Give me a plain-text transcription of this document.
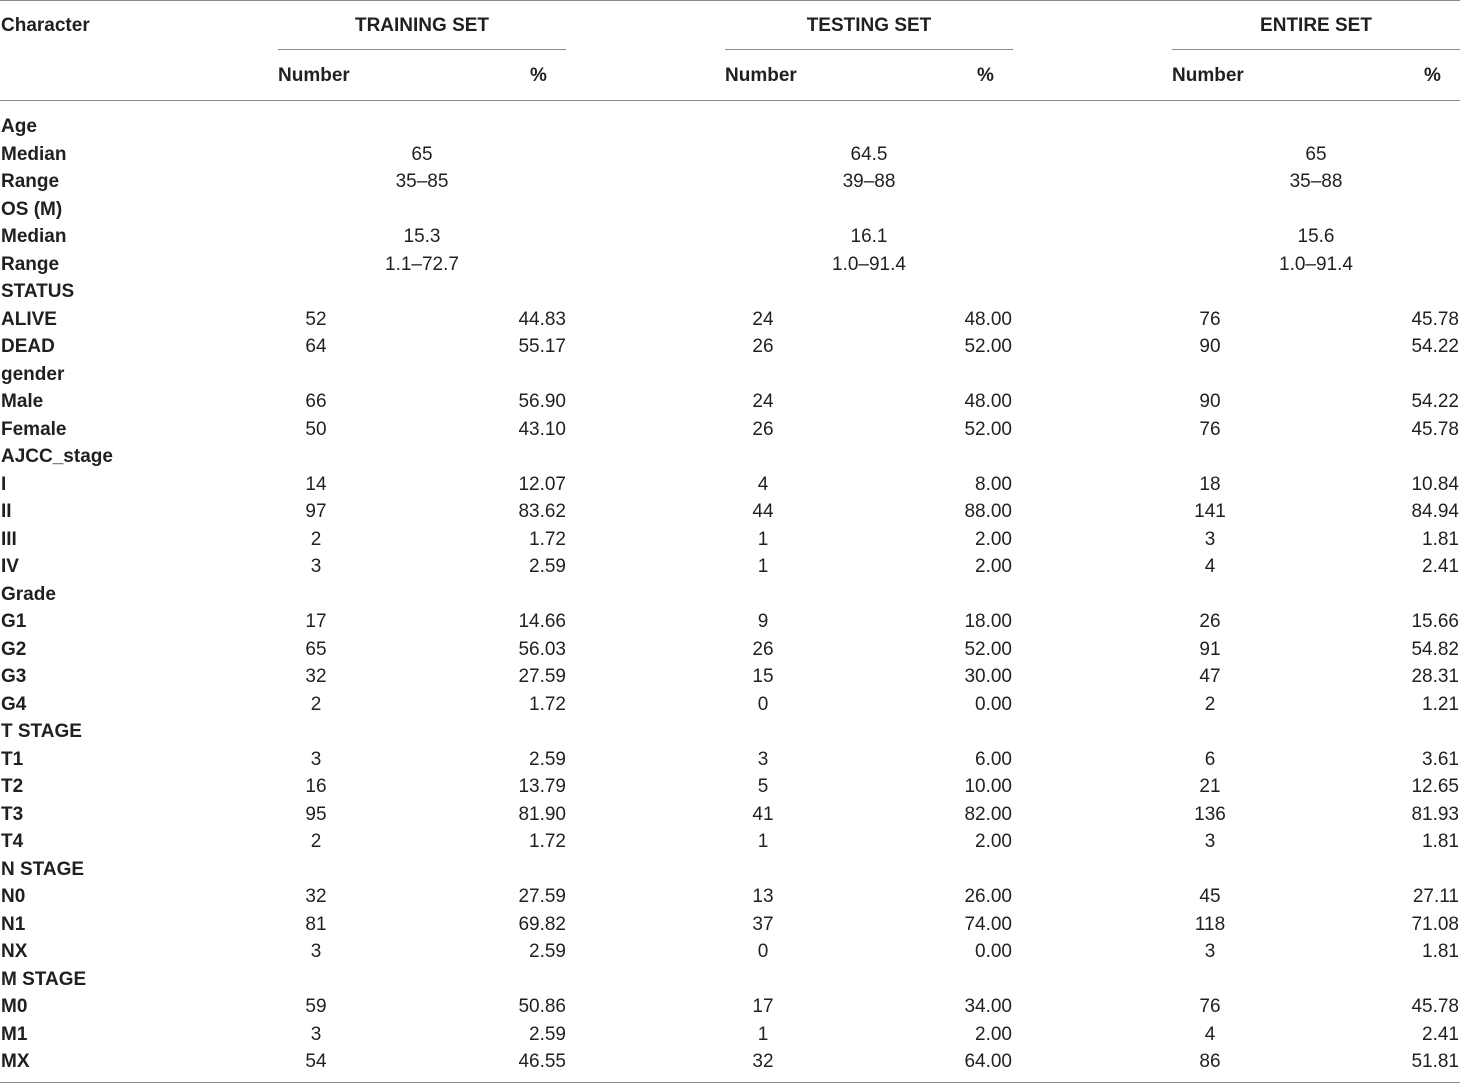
Character	TRAINING SET	TESTING SET	ENTIRE SET
Number	%	Number	%	Number	%
Age
Median	65	64.5	65
Range	35–85	39–88	35–88
OS (M)
Median	15.3	16.1	15.6
Range	1.1–72.7	1.0–91.4	1.0–91.4
STATUS
ALIVE	52	44.83	24	48.00	76	45.78
DEAD	64	55.17	26	52.00	90	54.22
gender
Male	66	56.90	24	48.00	90	54.22
Female	50	43.10	26	52.00	76	45.78
AJCC_stage
I	14	12.07	4	8.00	18	10.84
II	97	83.62	44	88.00	141	84.94
III	2	1.72	1	2.00	3	1.81
IV	3	2.59	1	2.00	4	2.41
Grade
G1	17	14.66	9	18.00	26	15.66
G2	65	56.03	26	52.00	91	54.82
G3	32	27.59	15	30.00	47	28.31
G4	2	1.72	0	0.00	2	1.21
T STAGE
T1	3	2.59	3	6.00	6	3.61
T2	16	13.79	5	10.00	21	12.65
T3	95	81.90	41	82.00	136	81.93
T4	2	1.72	1	2.00	3	1.81
N STAGE
N0	32	27.59	13	26.00	45	27.11
N1	81	69.82	37	74.00	118	71.08
NX	3	2.59	0	0.00	3	1.81
M STAGE
M0	59	50.86	17	34.00	76	45.78
M1	3	2.59	1	2.00	4	2.41
MX	54	46.55	32	64.00	86	51.81
